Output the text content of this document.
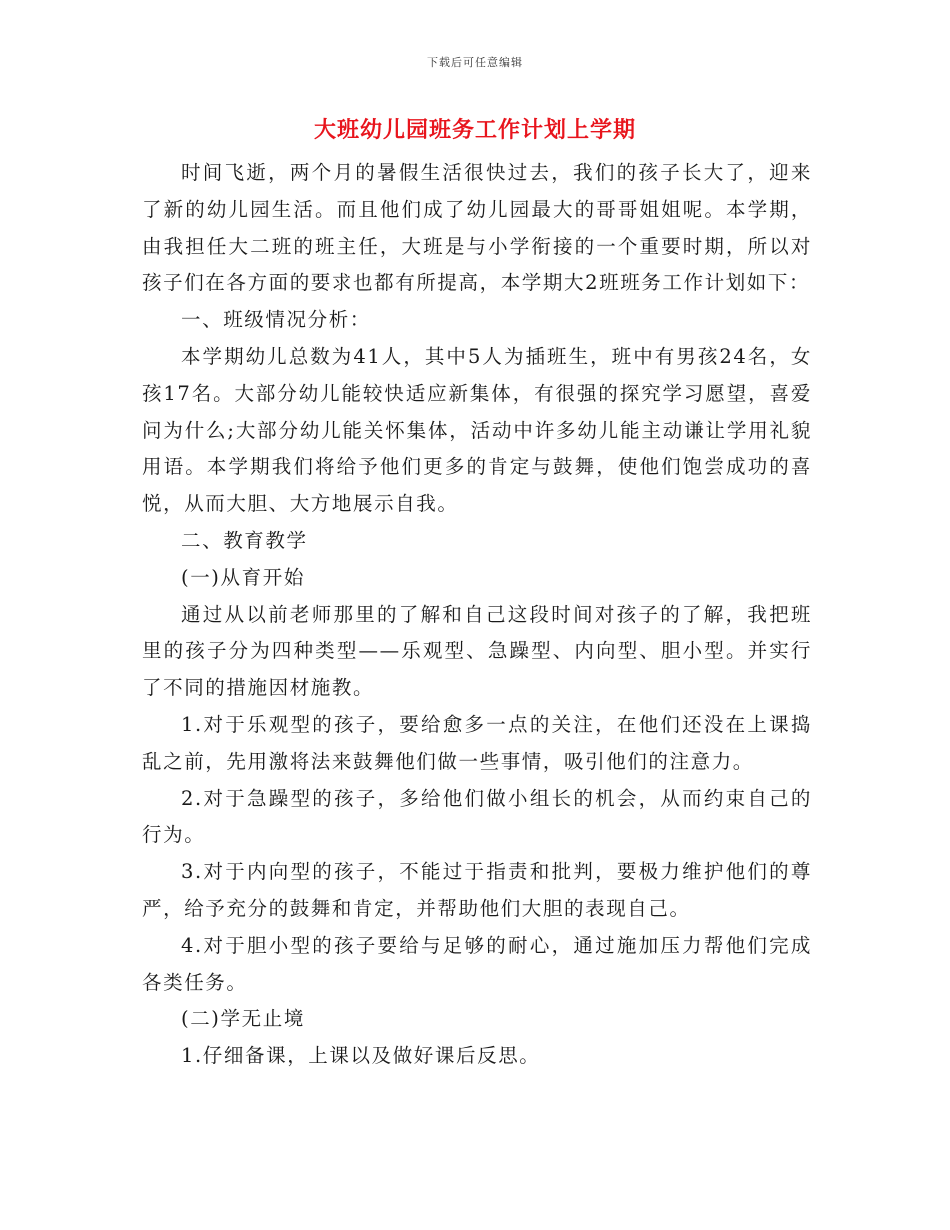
下载后可任意编辑
大班幼儿园班务工作计划上学期

时间飞逝，两个月的暑假生活很快过去，我们的孩子长大了，迎来了新的幼儿园生活。而且他们成了幼儿园最大的哥哥姐姐呢。本学期，由我担任大二班的班主任，大班是与小学衔接的一个重要时期，所以对孩子们在各方面的要求也都有所提高，本学期大2班班务工作计划如下：

一、班级情况分析：

本学期幼儿总数为41人，其中5人为插班生，班中有男孩24名，女孩17名。大部分幼儿能较快适应新集体，有很强的探究学习愿望，喜爱问为什么;大部分幼儿能关怀集体，活动中许多幼儿能主动谦让学用礼貌用语。本学期我们将给予他们更多的肯定与鼓舞，使他们饱尝成功的喜悦，从而大胆、大方地展示自我。

二、教育教学

(一)从育开始

通过从以前老师那里的了解和自己这段时间对孩子的了解，我把班里的孩子分为四种类型——乐观型、急躁型、内向型、胆小型。并实行了不同的措施因材施教。

1.对于乐观型的孩子，要给愈多一点的关注，在他们还没在上课捣乱之前，先用激将法来鼓舞他们做一些事情，吸引他们的注意力。

2.对于急躁型的孩子，多给他们做小组长的机会，从而约束自己的行为。

3.对于内向型的孩子，不能过于指责和批判，要极力维护他们的尊严，给予充分的鼓舞和肯定，并帮助他们大胆的表现自己。

4.对于胆小型的孩子要给与足够的耐心，通过施加压力帮他们完成各类任务。

(二)学无止境

1.仔细备课，上课以及做好课后反思。
